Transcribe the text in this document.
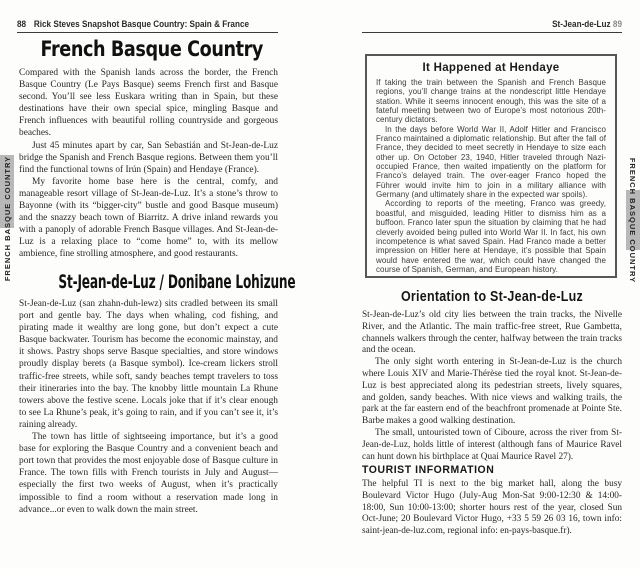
88 Rick Steves Snapshot Basque Country: Spain & France
French Basque Country

Compared with the Spanish lands across the border, the French Basque Country (Le Pays Basque) seems French first and Basque second. You’ll see less Euskara writing than in Spain, but these destinations have their own special spice, mingling Basque and French influences with beautiful rolling countryside and gorgeous beaches.

Just 45 minutes apart by car, San Sebastián and St-Jean-de-Luz bridge the Spanish and French Basque regions. Between them you’ll find the functional towns of Irún (Spain) and Hendaye (France).

My favorite home base here is the central, comfy, and manageable resort village of St-Jean-de-Luz. It’s a stone’s throw to Bayonne (with its “bigger-city” bustle and good Basque museum) and the snazzy beach town of Biarritz. A drive inland rewards you with a panoply of adorable French Basque villages. And St-Jean-de-Luz is a relaxing place to “come home” to, with its mellow ambience, fine strolling atmosphere, and good restaurants.

St-Jean-de-Luz / Donibane Lohizune

St-Jean-de-Luz (san zhahn-duh-lewz) sits cradled between its small port and gentle bay. The days when whaling, cod fishing, and pirating made it wealthy are long gone, but don’t expect a cute Basque backwater. Tourism has become the economic mainstay, and it shows. Pastry shops serve Basque specialties, and store windows proudly display berets (a Basque symbol). Ice-cream lickers stroll traffic-free streets, while soft, sandy beaches tempt travelers to toss their itineraries into the bay. The knobby little mountain La Rhune towers above the festive scene. Locals joke that if it’s clear enough to see La Rhune’s peak, it’s going to rain, and if you can’t see it, it’s raining already.

The town has little of sightseeing importance, but it’s a good base for exploring the Basque Country and a convenient beach and port town that provides the most enjoyable dose of Basque culture in France. The town fills with French tourists in July and August—especially the first two weeks of August, when it’s practically impossible to find a room without a reservation made long in advance...or even to walk down the main street.

FRENCH BASQUE COUNTRY
St-Jean-de-Luz 89
It Happened at Hendaye

If taking the train between the Spanish and French Basque regions, you’ll change trains at the nondescript little Hendaye station. While it seems innocent enough, this was the site of a fateful meeting between two of Europe’s most notorious 20th-century dictators.

In the days before World War II, Adolf Hitler and Francisco Franco maintained a diplomatic relationship. But after the fall of France, they decided to meet secretly in Hendaye to size each other up. On October 23, 1940, Hitler traveled through Nazi-occupied France, then waited impatiently on the platform for Franco’s delayed train. The over-eager Franco hoped the Führer would invite him to join in a military alliance with Germany (and ultimately share in the expected war spoils).

According to reports of the meeting, Franco was greedy, boastful, and misguided, leading Hitler to dismiss him as a buffoon. Franco later spun the situation by claiming that he had cleverly avoided being pulled into World War II. In fact, his own incompetence is what saved Spain. Had Franco made a better impression on Hitler here at Hendaye, it’s possible that Spain would have entered the war, which could have changed the course of Spanish, German, and European history.

Orientation to St-Jean-de-Luz

St-Jean-de-Luz’s old city lies between the train tracks, the Nivelle River, and the Atlantic. The main traffic-free street, Rue Gambetta, channels walkers through the center, halfway between the train tracks and the ocean.

The only sight worth entering in St-Jean-de-Luz is the church where Louis XIV and Marie-Thérèse tied the royal knot. St-Jean-de-Luz is best appreciated along its pedestrian streets, lively squares, and golden, sandy beaches. With nice views and walking trails, the park at the far eastern end of the beachfront promenade at Pointe Ste. Barbe makes a good walking destination.

The small, untouristed town of Ciboure, across the river from St-Jean-de-Luz, holds little of interest (although fans of Maurice Ravel can hunt down his birthplace at Quai Maurice Ravel 27).

TOURIST INFORMATION

The helpful TI is next to the big market hall, along the busy Boulevard Victor Hugo (July-Aug Mon-Sat 9:00-12:30 & 14:00-18:00, Sun 10:00-13:00; shorter hours rest of the year, closed Sun Oct-June; 20 Boulevard Victor Hugo, +33 5 59 26 03 16, town info: saint-jean-de-luz.com, regional info: en-pays-basque.fr).

FRENCH BASQUE COUNTRY
